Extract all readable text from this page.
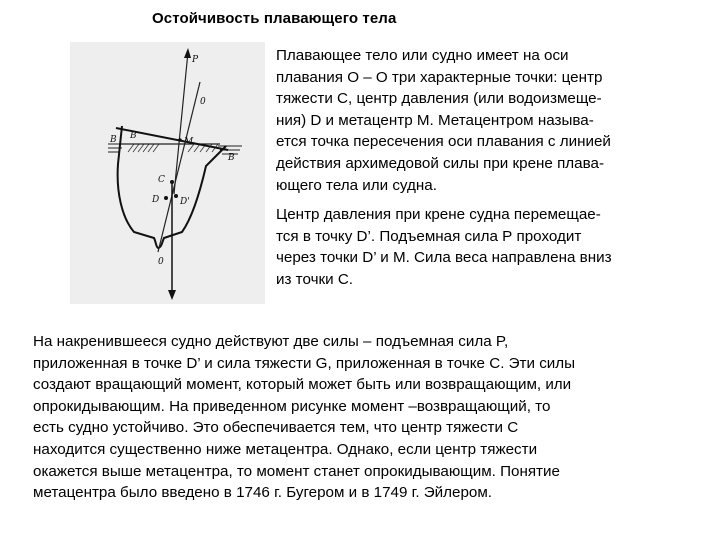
Остойчивость плавающего тела
P
0
M
B
C
D D'
0
B
B

Плавающее тело или судно имеет на оси
плавания О – О три характерные точки: центр
тяжести С, центр давления (или водоизмеще-
ния) D и метацентр М. Метацентром называ-
ется точка пересечения оси плавания с линией
действия архимедовой силы при крене плава-
ющего тела или судна.

Центр давления при крене судна перемещае-
тся в точку D’. Подъемная сила Р проходит
через точки D’ и М. Сила веса направлена вниз
из точки С.

На накренившееся судно действуют две силы – подъемная сила P,
приложенная в точке D’ и сила тяжести G, приложенная в точке C. Эти силы
создают вращающий момент, который может быть или возвращающим, или
опрокидывающим. На приведенном рисунке момент –возвращающий, то
есть судно устойчиво. Это обеспечивается тем, что центр тяжести С
находится существенно ниже метацентра. Однако, если центр тяжести
окажется выше метацентра, то момент станет опрокидывающим. Понятие
метацентра было введено в 1746 г. Бугером и в 1749 г. Эйлером.
